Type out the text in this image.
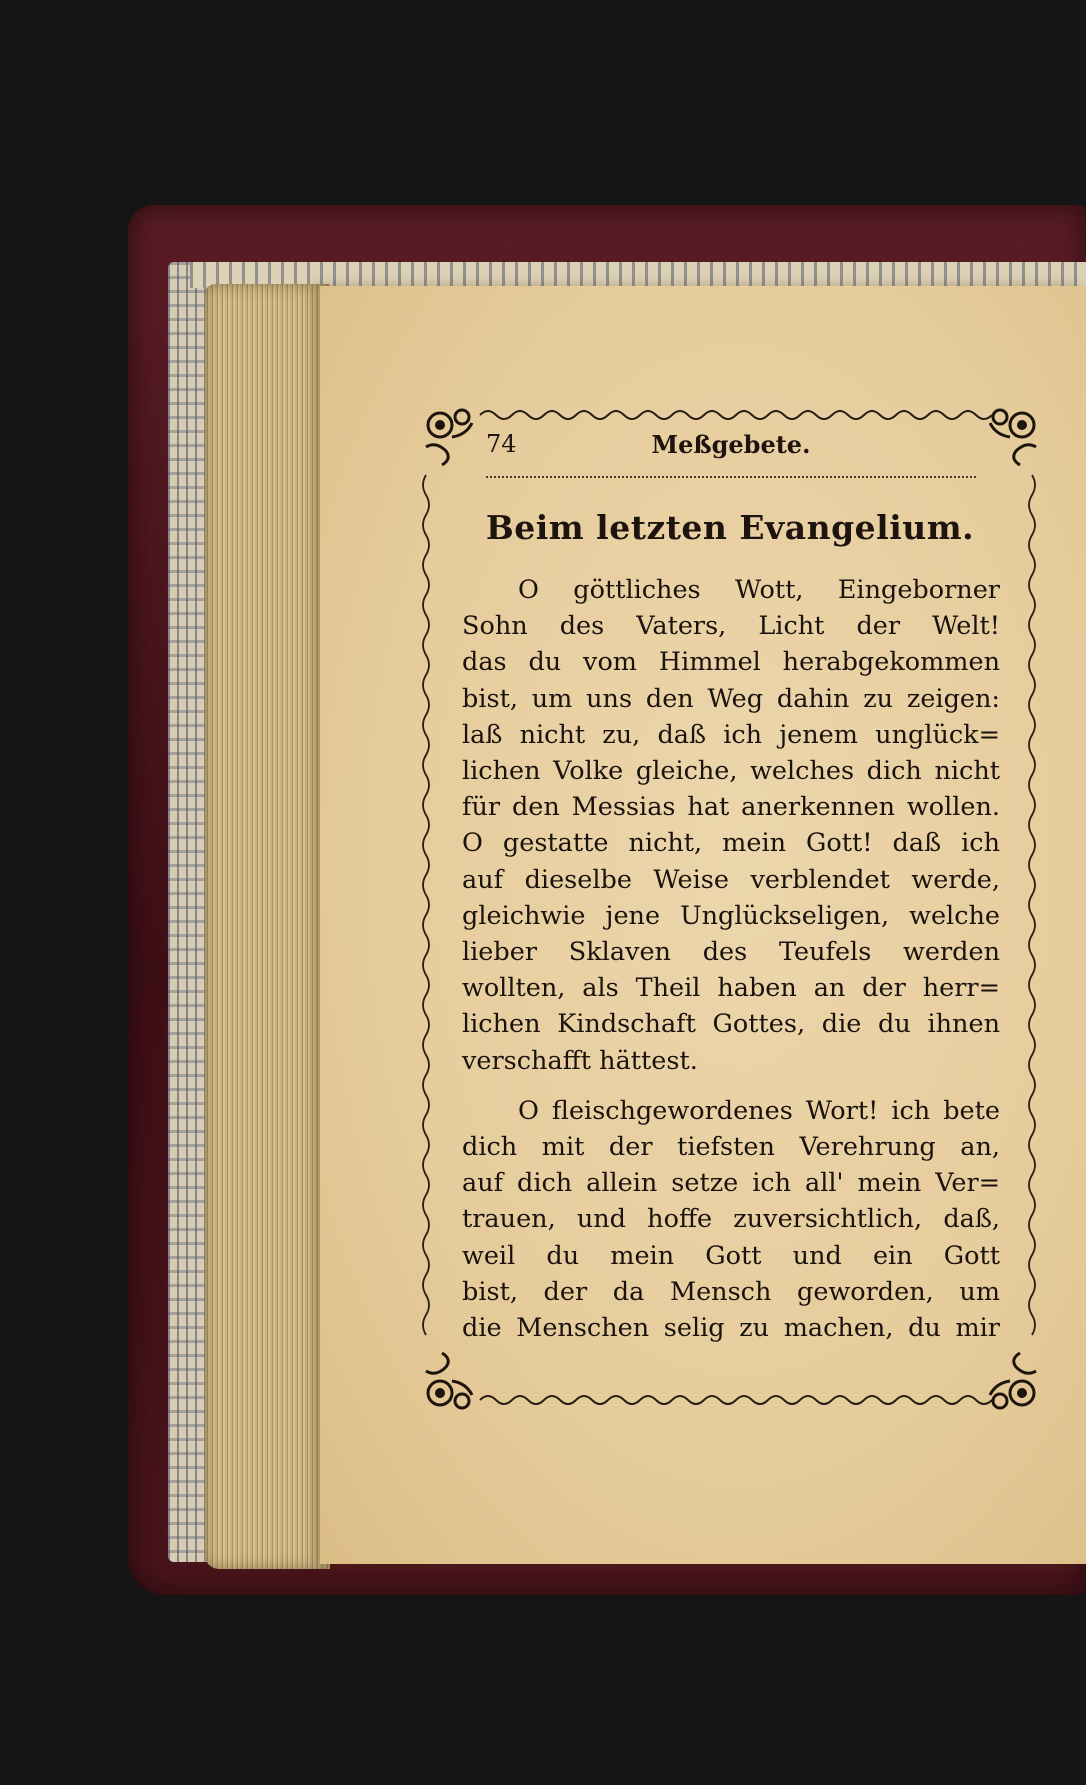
74	Meßgebete.
Beim letzten Evangelium.
O göttliches Wott, Eingeborner
Sohn des Vaters, Licht der Welt!
das du vom Himmel herabgekommen
bist, um uns den Weg dahin zu zeigen:
laß nicht zu, daß ich jenem unglück=
lichen Volke gleiche, welches dich nicht
für den Messias hat anerkennen wollen.
O gestatte nicht, mein Gott! daß ich
auf dieselbe Weise verblendet werde,
gleichwie jene Unglückseligen, welche
lieber Sklaven des Teufels werden
wollten, als Theil haben an der herr=
lichen Kindschaft Gottes, die du ihnen
verschafft hättest.
O fleischgewordenes Wort! ich bete
dich mit der tiefsten Verehrung an,
auf dich allein setze ich all' mein Ver=
trauen, und hoffe zuversichtlich, daß,
weil du mein Gott und ein Gott
bist, der da Mensch geworden, um
die Menschen selig zu machen, du mir
